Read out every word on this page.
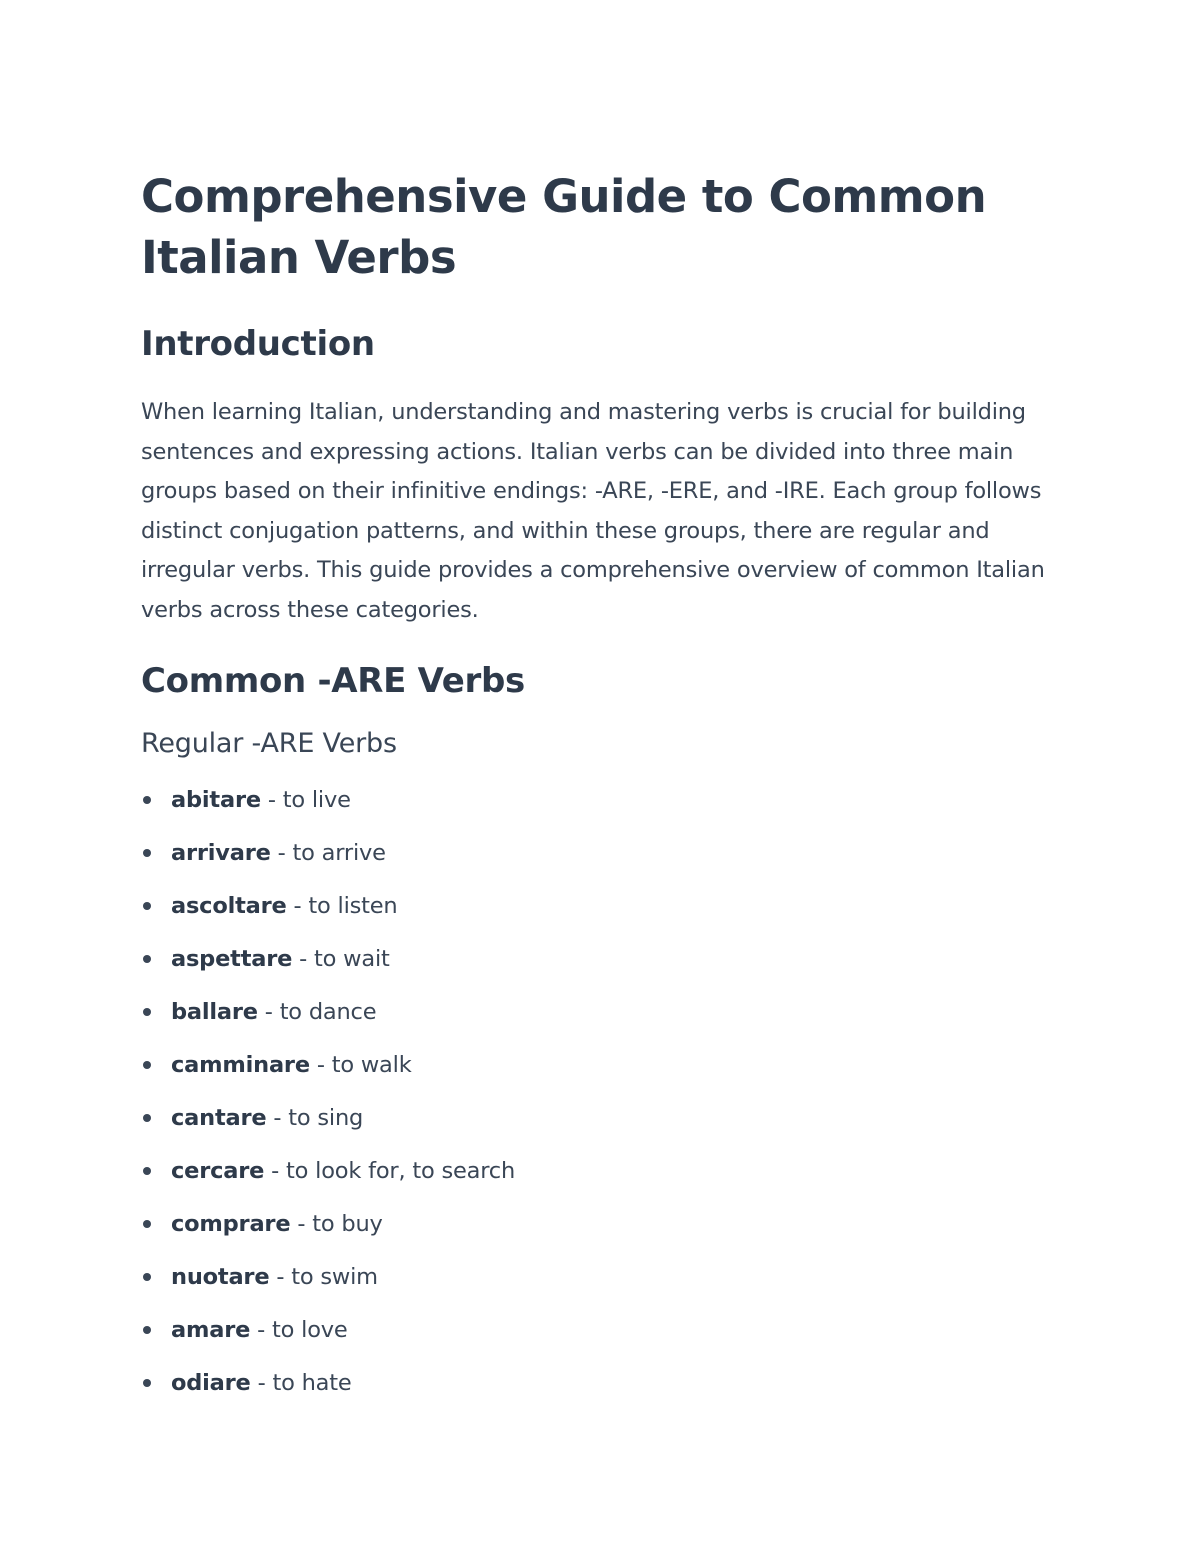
Comprehensive Guide to Common Italian Verbs
Introduction

When learning Italian, understanding and mastering verbs is crucial for building sentences and expressing actions. Italian verbs can be divided into three main groups based on their infinitive endings: -ARE, -ERE, and -IRE. Each group follows distinct conjugation patterns, and within these groups, there are regular and irregular verbs. This guide provides a comprehensive overview of common Italian verbs across these categories.

Common -ARE Verbs
Regular -ARE Verbs
abitare - to live
arrivare - to arrive
ascoltare - to listen
aspettare - to wait
ballare - to dance
camminare - to walk
cantare - to sing
cercare - to look for, to search
comprare - to buy
nuotare - to swim
amare - to love
odiare - to hate
